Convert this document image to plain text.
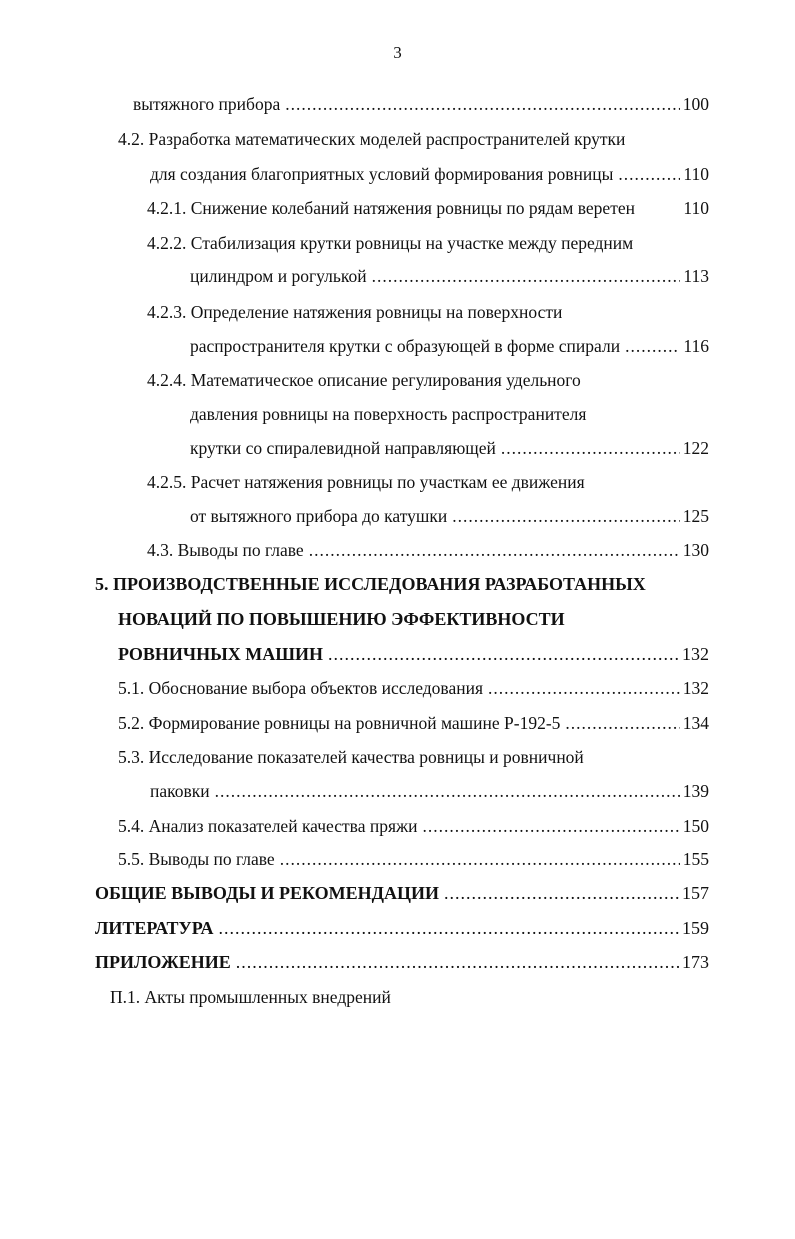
3
вытяжного прибора .....	100
4.2. Разработка математических моделей распространителей крутки
для создания благоприятных условий формирования ровницы .....	110
4.2.1. Снижение колебаний натяжения ровницы по рядам веретен	110
4.2.2. Стабилизация крутки ровницы на участке между передним
цилиндром и рогулькой .....	113
4.2.3. Определение натяжения ровницы на поверхности
распространителя крутки с образующей в форме спирали .....	116
4.2.4. Математическое описание регулирования удельного
давления ровницы на поверхность распространителя
крутки со спиралевидной направляющей .....	122
4.2.5. Расчет натяжения ровницы по участкам ее движения
от вытяжного прибора до катушки .....	125
4.3. Выводы по главе .....	130
5. ПРОИЗВОДСТВЕННЫЕ ИССЛЕДОВАНИЯ РАЗРАБОТАННЫХ
НОВАЦИЙ ПО ПОВЫШЕНИЮ ЭФФЕКТИВНОСТИ
РОВНИЧНЫХ МАШИН .....	132
5.1. Обоснование выбора объектов исследования .....	132
5.2. Формирование ровницы на ровничной машине Р-192-5 .....	134
5.3. Исследование показателей качества ровницы и ровничной
паковки .....	139
5.4. Анализ показателей качества пряжи .....	150
5.5. Выводы по главе .....	155
ОБЩИЕ ВЫВОДЫ И РЕКОМЕНДАЦИИ .....	157
ЛИТЕРАТУРА .....	159
ПРИЛОЖЕНИЕ .....	173
П.1. Акты промышленных внедрений
